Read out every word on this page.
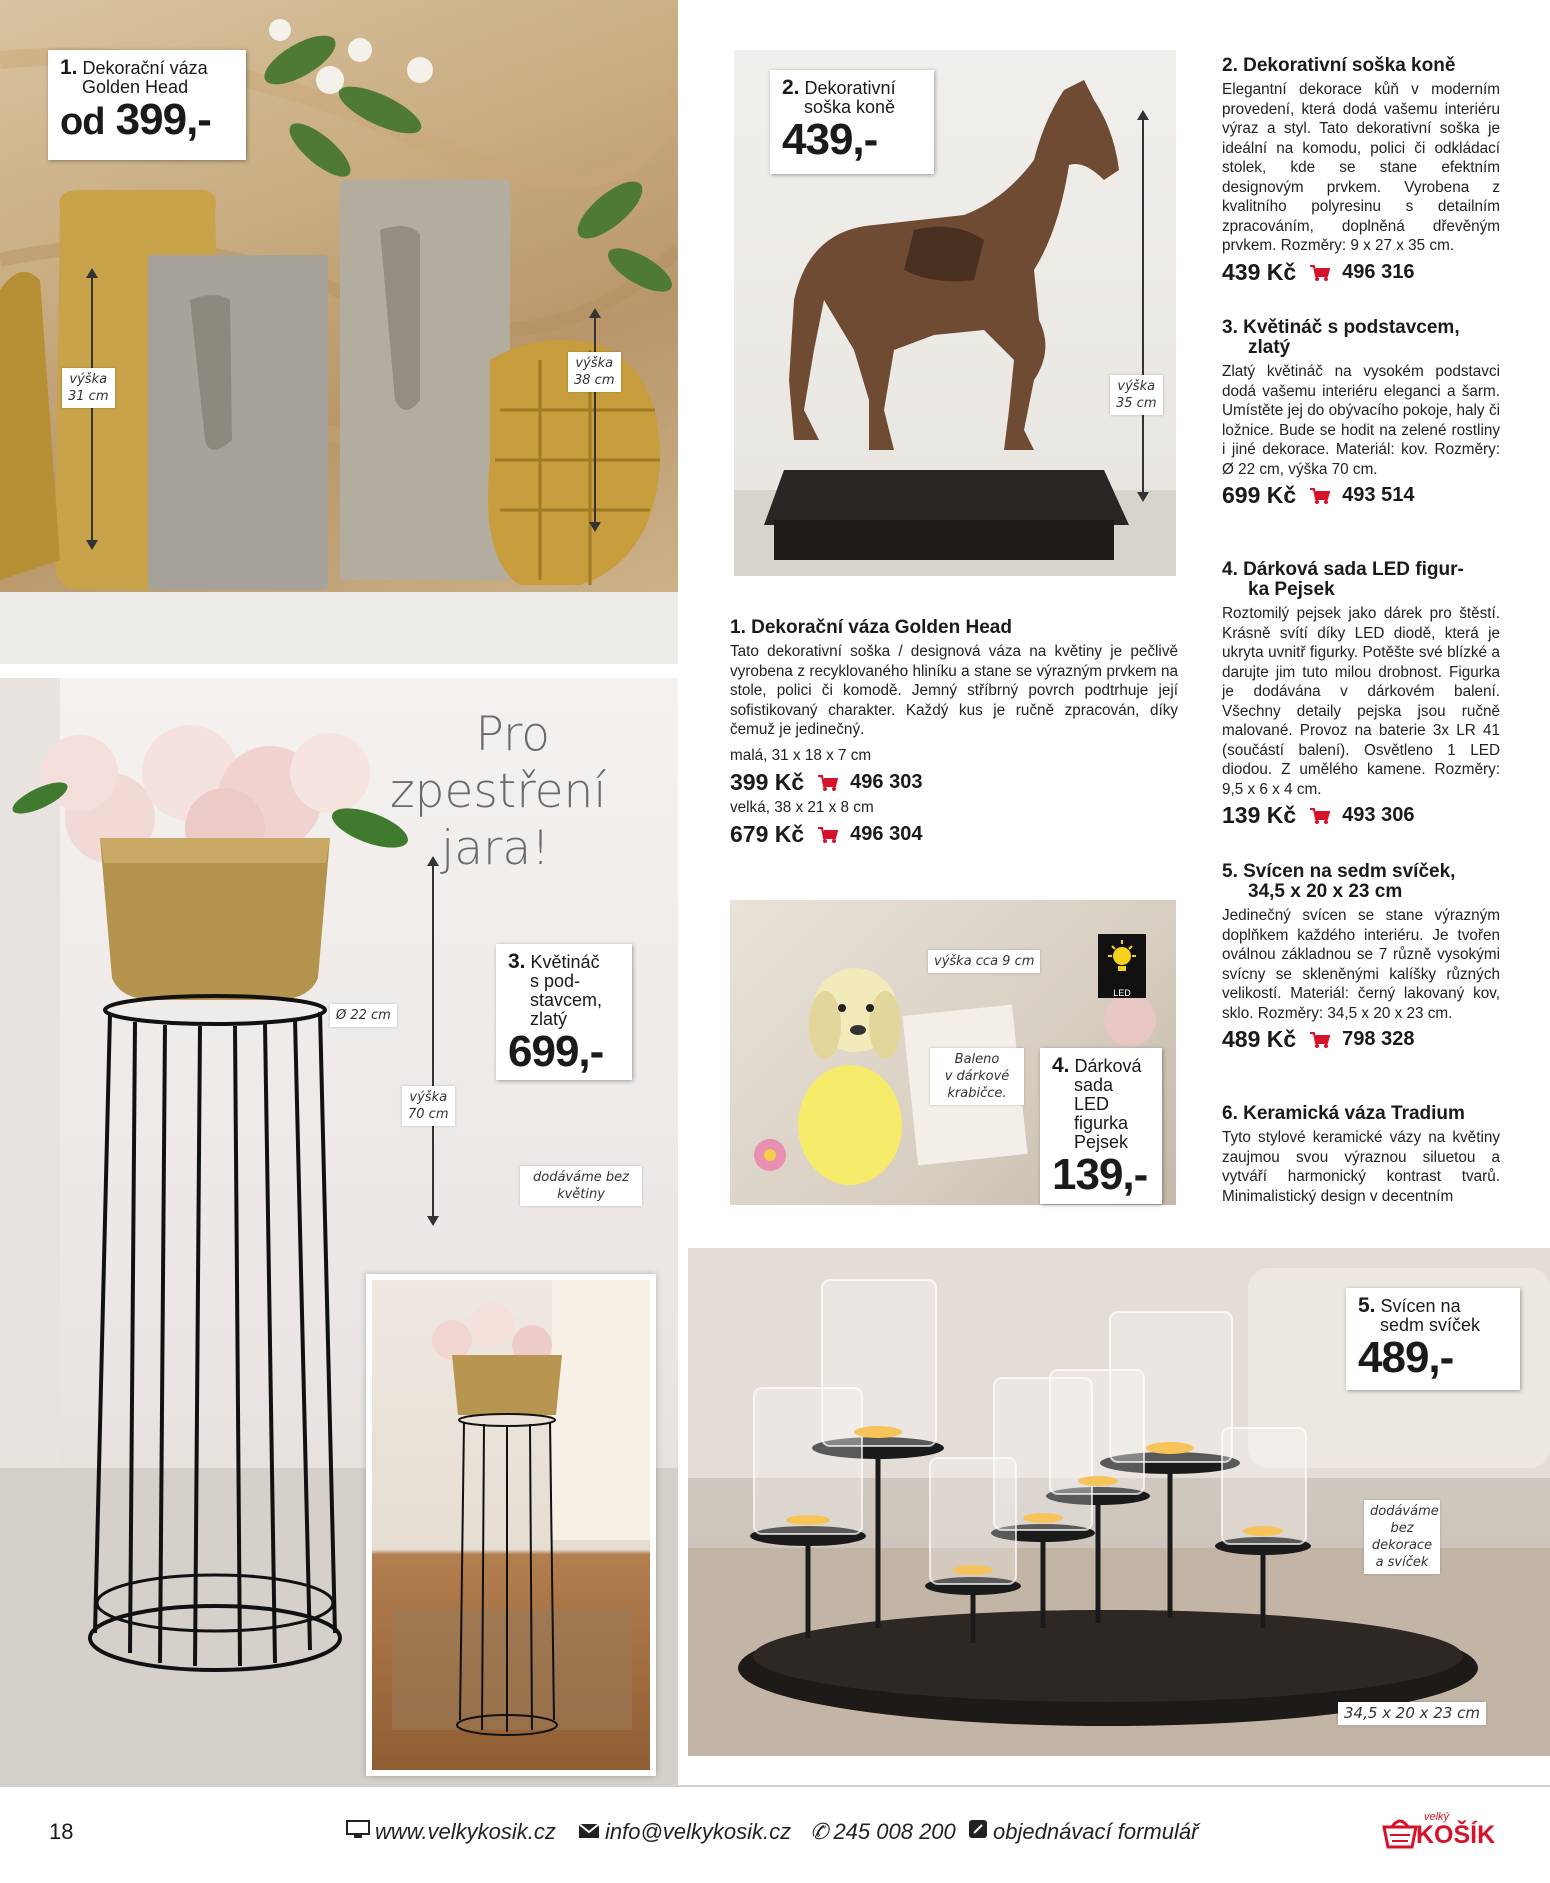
1. Dekorační váza
Golden Head
od 399,-
výška
31 cm
výška
38 cm
2. Dekorativní
soška koně
439,-
výška
35 cm
Pro
zpestření
jara!
3. Květináč
s pod-
stavcem,
zlatý
699,-
Ø 22 cm
výška
70 cm
dodáváme bez
květiny
1. Dekorační váza Golden Head

Tato dekorativní soška / designová váza na květiny je pečlivě vyrobena z recyklovaného hliníku a stane se výrazným prvkem na stole, polici či komodě. Jemný stříbrný povrch podtrhuje její sofistikovaný charakter. Každý kus je ručně zpracován, díky čemuž je jedinečný.

malá, 31 x 18 x 7 cm
399 Kč 496 303
velká, 38 x 21 x 8 cm
679 Kč 496 304
výška cca 9 cm
LED
Baleno
v dárkové
krabičce.
4. Dárková
sada
LED
figurka
Pejsek
139,-
2. Dekorativní soška koně

Elegantní dekorace kůň v moderním provedení, která dodá vašemu interiéru výraz a styl. Tato dekorativní soška je ideální na komodu, polici či odkládací stolek, kde se stane efektním designovým prvkem. Vyrobena z kvalitního polyresinu s detailním zpracováním, doplněná dřevěným prvkem. Rozměry: 9 x 27 x 35 cm.

439 Kč 496 316
3. Květináč s podstavcem,
zlatý

Zlatý květináč na vysokém podstavci dodá vašemu interiéru eleganci a šarm. Umístěte jej do obývacího pokoje, haly či ložnice. Bude se hodit na zelené rostliny i jiné dekorace. Materiál: kov. Rozměry: Ø 22 cm, výška 70 cm.

699 Kč 493 514
4. Dárková sada LED figur-
ka Pejsek

Roztomilý pejsek jako dárek pro štěstí. Krásně svítí díky LED diodě, která je ukryta uvnitř figurky. Potěšte své blízké a darujte jim tuto milou drobnost. Figurka je dodávána v dárkovém balení. Všechny detaily pejska jsou ručně malované. Provoz na baterie 3x LR 41 (součástí balení). Osvětleno 1 LED diodou. Z umělého kamene. Rozměry: 9,5 x 6 x 4 cm.

139 Kč 493 306
5. Svícen na sedm svíček,
34,5 x 20 x 23 cm

Jedinečný svícen se stane výrazným doplňkem každého interiéru. Je tvořen oválnou základnou se 7 různě vysokými svícny se skleněnými kalíšky různých velikostí. Materiál: černý lakovaný kov, sklo. Rozměry: 34,5 x 20 x 23 cm.

489 Kč 798 328
6. Keramická váza Tradium

Tyto stylové keramické vázy na květiny zaujmou svou výraznou siluetou a vytváří harmonický kontrast tvarů. Minimalistický design v decentním

5. Svícen na
sedm svíček
489,-
dodáváme
bez
dekorace
a svíček
34,5 x 20 x 23 cm
18	www.velkykosik.cz info@velkykosik.cz ✆ 245 008 200 objednávací formulář
velký
KOŠÍK
